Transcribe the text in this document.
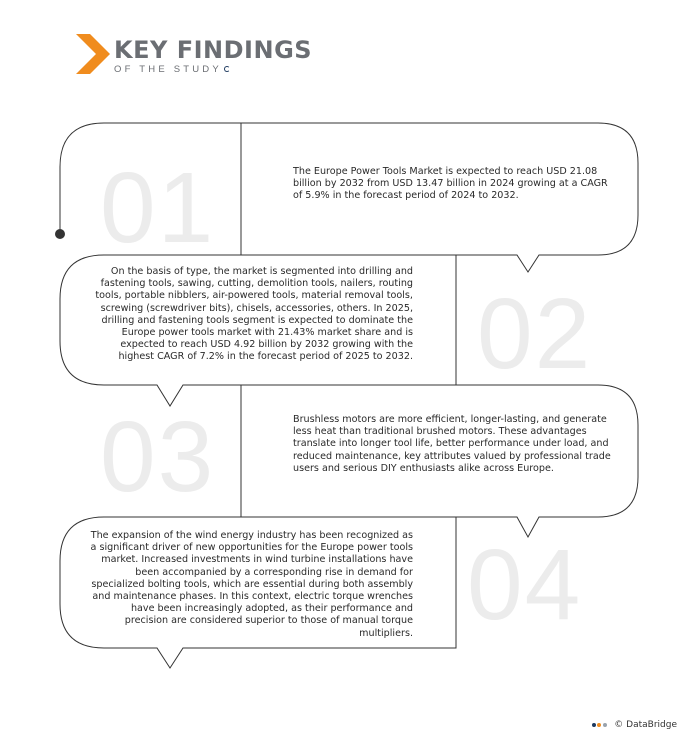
KEY FINDINGS
OF THE STUDY
01
02
03
04
The Europe Power Tools Market is expected to reach USD 21.08 billion by 2032 from USD 13.47 billion in 2024 growing at a CAGR of 5.9% in the forecast period of 2024 to 2032.
On the basis of type, the market is segmented into drilling and fastening tools, sawing, cutting, demolition tools, nailers, routing tools, portable nibblers, air-powered tools, material removal tools, screwing (screwdriver bits), chisels, accessories, others. In 2025, drilling and fastening tools segment is expected to dominate the Europe power tools market with 21.43% market share and is expected to reach USD 4.92 billion by 2032 growing with the highest CAGR of 7.2% in the forecast period of 2025 to 2032.
Brushless motors are more efficient, longer-lasting, and generate less heat than traditional brushed motors. These advantages translate into longer tool life, better performance under load, and reduced maintenance, key attributes valued by professional trade users and serious DIY enthusiasts alike across Europe.
The expansion of the wind energy industry has been recognized as a significant driver of new opportunities for the Europe power tools market. Increased investments in wind turbine installations have been accompanied by a corresponding rise in demand for specialized bolting tools, which are essential during both assembly and maintenance phases. In this context, electric torque wrenches have been increasingly adopted, as their performance and precision are considered superior to those of manual torque multipliers.
© DataBridge
